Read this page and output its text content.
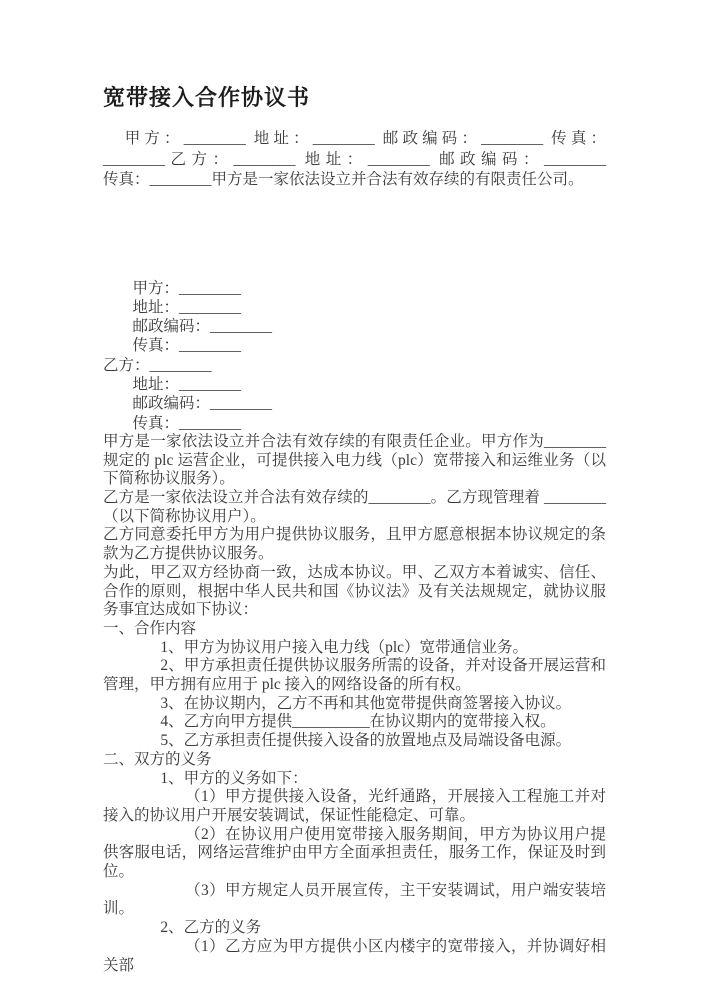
宽带接入合作协议书
甲方：________ 地址：________ 邮政编码：________ 传真：
________乙方：________ 地址：________ 邮政编码：________
传真：________甲方是一家依法设立并合法有效存续的有限责任公司。
甲方：________
地址：________
邮政编码：________
传真：________
乙方：________
地址：________
邮政编码：________
传真：________
甲方是一家依法设立并合法有效存续的有限责任企业。甲方作为________规定的 plc 运营企业，可提供接入电力线（plc）宽带接入和运维业务（以下简称协议服务）。
乙方是一家依法设立并合法有效存续的________。乙方现管理着 ________（以下简称协议用户）。
乙方同意委托甲方为用户提供协议服务，且甲方愿意根据本协议规定的条款为乙方提供协议服务。
为此，甲乙双方经协商一致，达成本协议。甲、乙双方本着诚实、信任、合作的原则，根据中华人民共和国《协议法》及有关法规规定，就协议服务事宜达成如下协议：
一、合作内容
1、甲方为协议用户接入电力线（plc）宽带通信业务。
2、甲方承担责任提供协议服务所需的设备，并对设备开展运营和管理，甲方拥有应用于 plc 接入的网络设备的所有权。
3、在协议期内，乙方不再和其他宽带提供商签署接入协议。
4、乙方向甲方提供__________在协议期内的宽带接入权。
5、乙方承担责任提供接入设备的放置地点及局端设备电源。
二、双方的义务
1、甲方的义务如下：
（1）甲方提供接入设备，光纤通路，开展接入工程施工并对接入的协议用户开展安装调试，保证性能稳定、可靠。
（2）在协议用户使用宽带接入服务期间，甲方为协议用户提供客服电话，网络运营维护由甲方全面承担责任，服务工作，保证及时到位。
（3）甲方规定人员开展宣传，主干安装调试，用户端安装培训。
2、乙方的义务
（1）乙方应为甲方提供小区内楼宇的宽带接入，并协调好相关部
